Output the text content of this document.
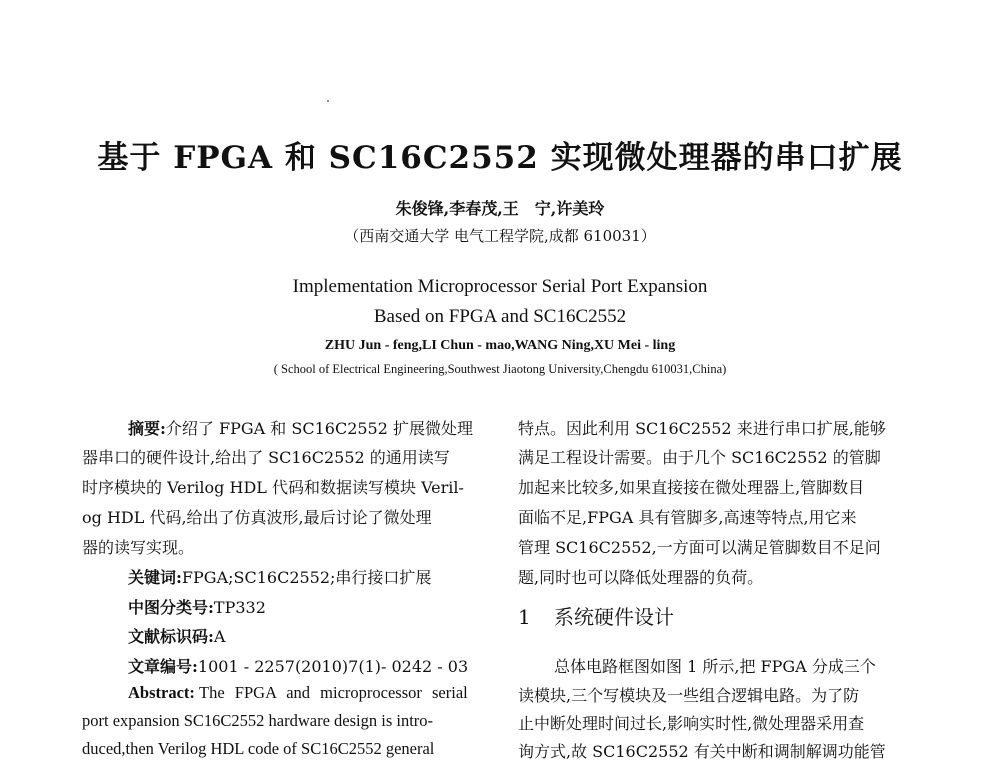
基于 FPGA 和 SC16C2552 实现微处理器的串口扩展
朱俊锋,李春茂,王　宁,许美玲
（西南交通大学 电气工程学院,成都 610031）
Implementation Microprocessor Serial Port Expansion
Based on FPGA and SC16C2552
ZHU Jun - feng,LI Chun - mao,WANG Ning,XU Mei - ling
( School of Electrical Engineering,Southwest Jiaotong University,Chengdu 610031,China)
摘要:介绍了 FPGA 和 SC16C2552 扩展微处理
器串口的硬件设计,给出了 SC16C2552 的通用读写
时序模块的 Verilog HDL 代码和数据读写模块 Veril-
og HDL 代码,给出了仿真波形,最后讨论了微处理
器的读写实现。
关键词:FPGA;SC16C2552;串行接口扩展
中图分类号:TP332
文献标识码:A
文章编号:1001 - 2257(2010)7(1)- 0242 - 03
Abstract: The FPGA and microprocessor serial
port expansion SC16C2552 hardware design is intro-
duced,then Verilog HDL code of SC16C2552 general
特点。因此利用 SC16C2552 来进行串口扩展,能够
满足工程设计需要。由于几个 SC16C2552 的管脚
加起来比较多,如果直接接在微处理器上,管脚数目
面临不足,FPGA 具有管脚多,高速等特点,用它来
管理 SC16C2552,一方面可以满足管脚数目不足问
题,同时也可以降低处理器的负荷。
1 系统硬件设计
总体电路框图如图 1 所示,把 FPGA 分成三个
读模块,三个写模块及一些组合逻辑电路。为了防
止中断处理时间过长,影响实时性,微处理器采用查
询方式,故 SC16C2552 有关中断和调制解调功能管
